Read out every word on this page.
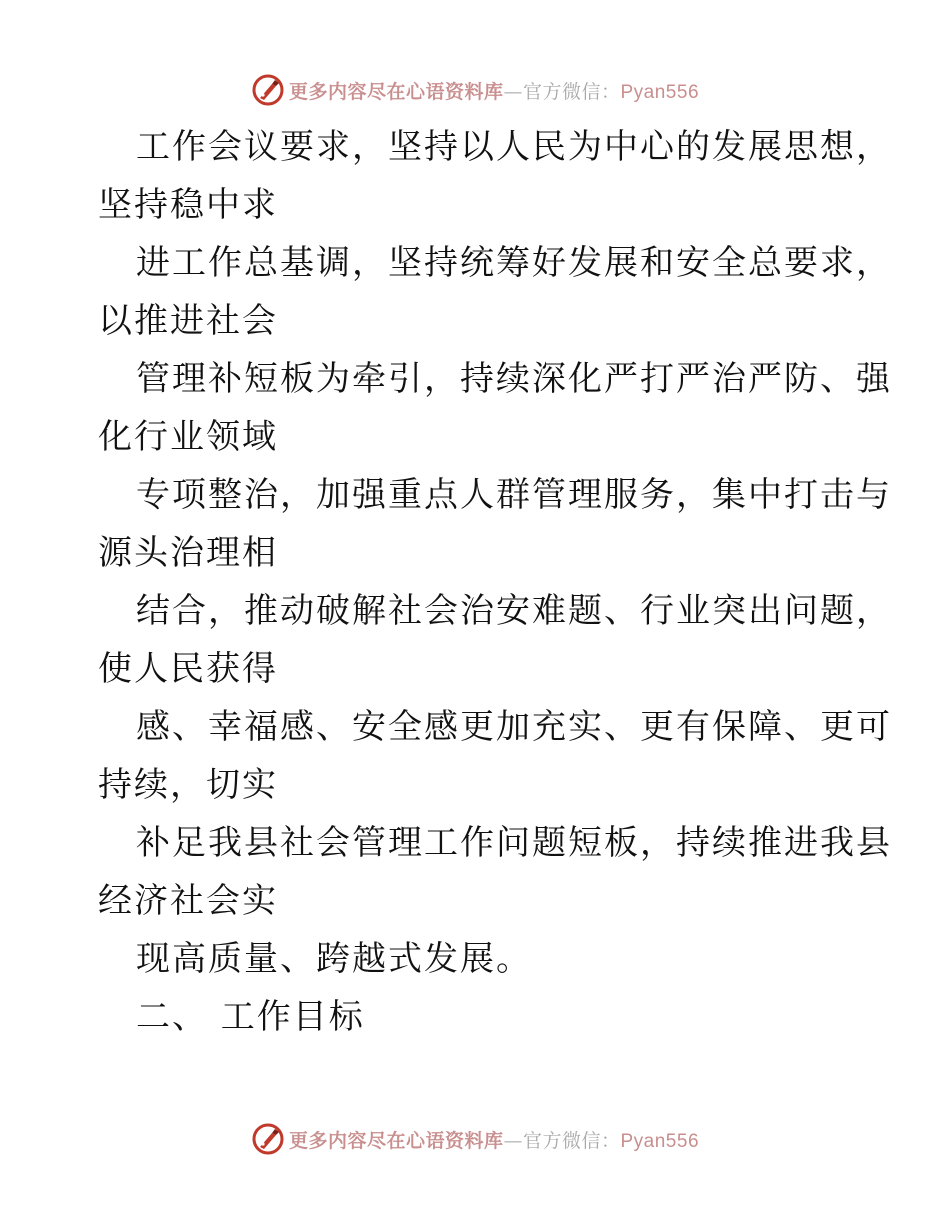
更多内容尽在心语资料库—官方微信：Pyan556
工作会议要求，坚持以人民为中心的发展思想，
坚持稳中求
进工作总基调，坚持统筹好发展和安全总要求，
以推进社会
管理补短板为牵引，持续深化严打严治严防、强
化行业领域
专项整治，加强重点人群管理服务，集中打击与
源头治理相
结合，推动破解社会治安难题、行业突出问题，
使人民获得
感、幸福感、安全感更加充实、更有保障、更可
持续，切实
补足我县社会管理工作问题短板，持续推进我县
经济社会实
现高质量、跨越式发展。
二、 工作目标
更多内容尽在心语资料库—官方微信：Pyan556
